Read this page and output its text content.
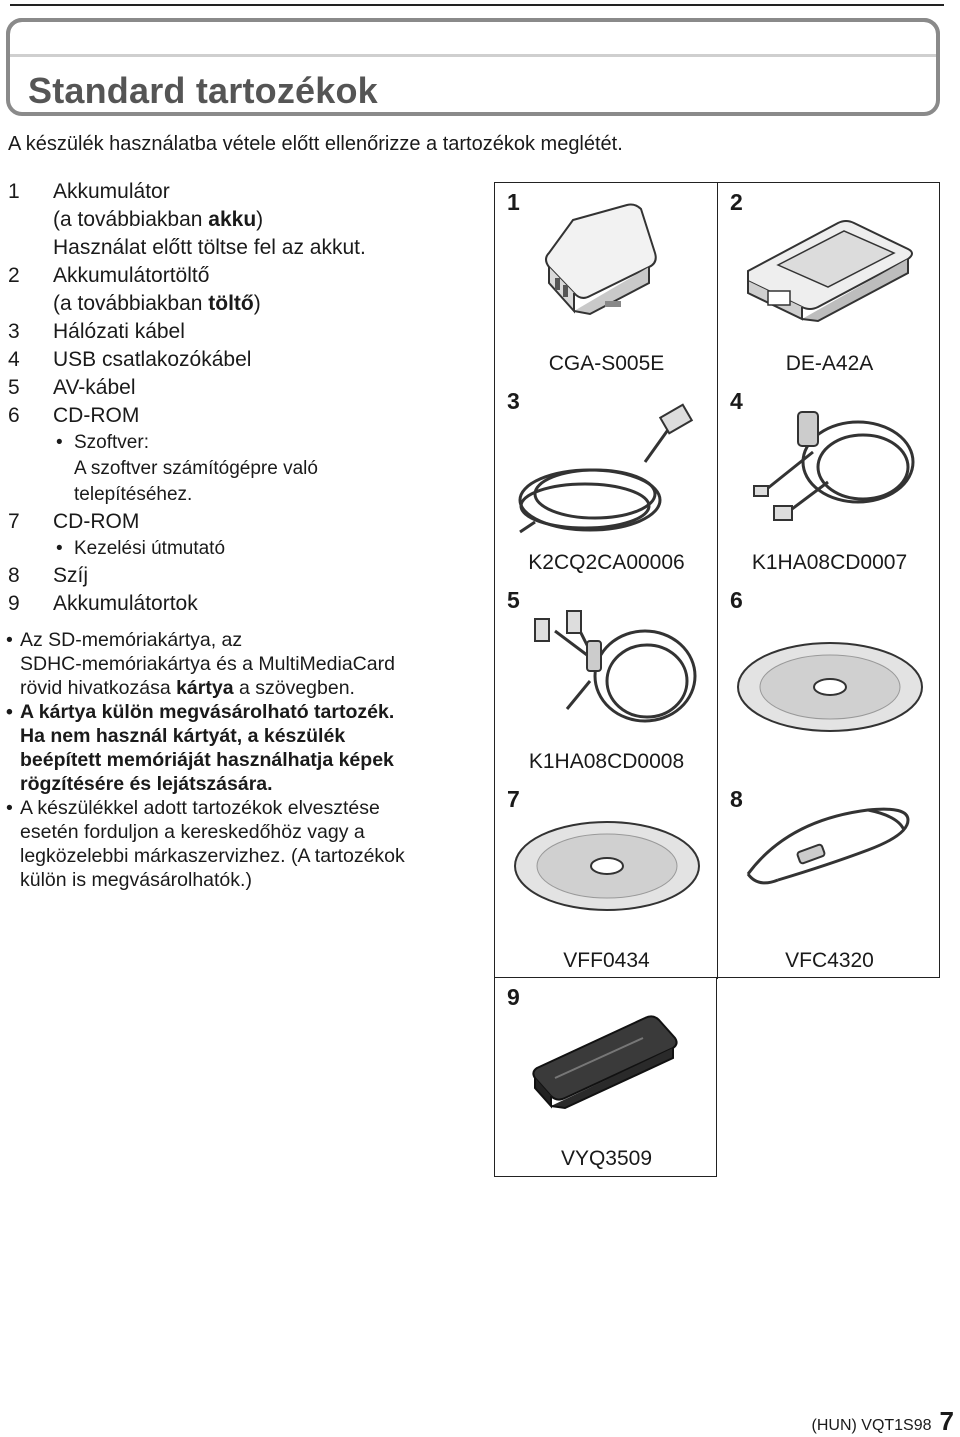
Standard tartozékok
A készülék használatba vétele előtt ellenőrizze a tartozékok meglétét.
1	Akkumulátor
(a továbbiakban akku)
Használat előtt töltse fel az akkut.
2	Akkumulátortöltő
(a továbbiakban töltő)
3	Hálózati kábel
4	USB csatlakozókábel
5	AV-kábel
6	CD-ROM
• Szoftver:
A szoftver számítógépre való
telepítéséhez.
7	CD-ROM
• Kezelési útmutató
8	Szíj
9	Akkumulátortok
• Az SD-memóriakártya, az
SDHC-memóriakártya és a MultiMediaCard
rövid hivatkozása kártya a szövegben.
• A kártya külön megvásárolható tartozék.
Ha nem használ kártyát, a készülék
beépített memóriáját használhatja képek
rögzítésére és lejátszására.
• A készülékkel adott tartozékok elvesztése
esetén forduljon a kereskedőhöz vagy a
legközelebbi márkaszervizhez. (A tartozékok
külön is megvásárolhatók.)
1
CGA-S005E
2
DE-A42A
3
K2CQ2CA00006
4
K1HA08CD0007
5
K1HA08CD0008
6
7
VFF0434
8
VFC4320
9
VYQ3509
(HUN) VQT1S98 7
